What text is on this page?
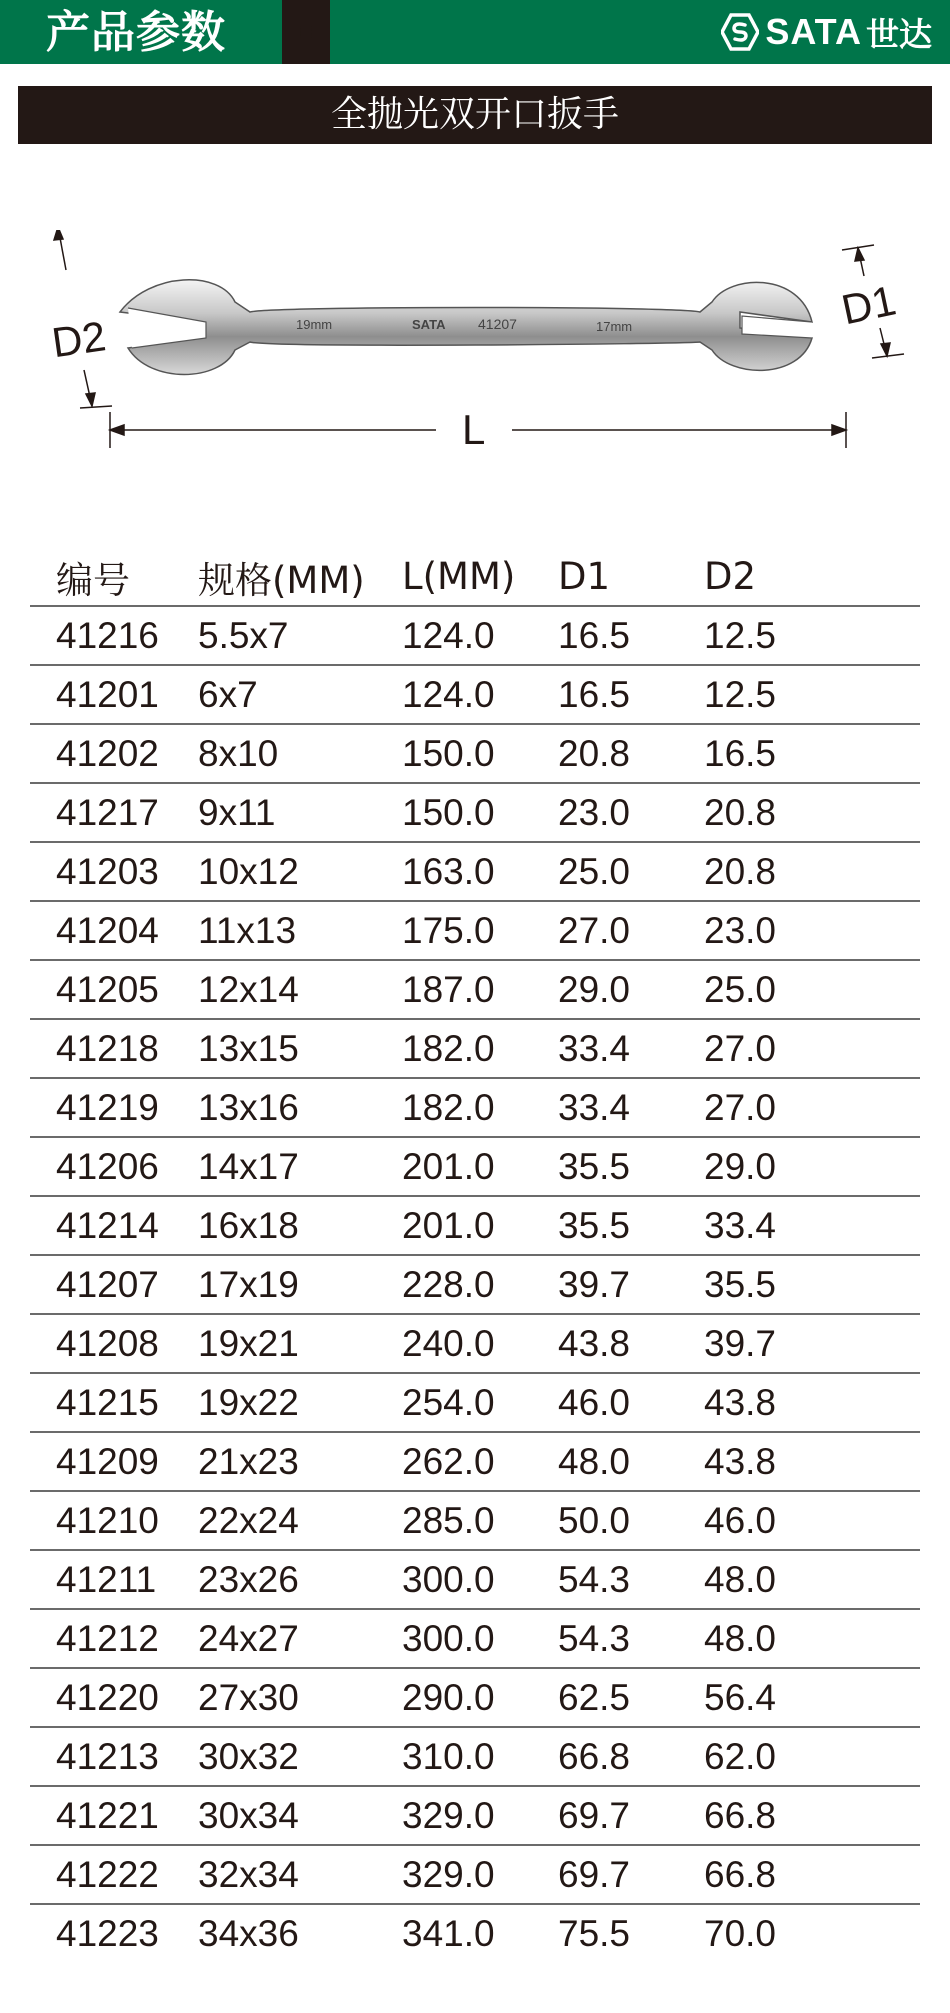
产品参数	SATA 世达
全抛光双开口扳手
19mm	SATA 41207	17mm
D2
D1
L
编号	规格(MM)	L(MM)	D1	D2
41216	5.5x7	124.0	16.5	12.5
41201	6x7	124.0	16.5	12.5
41202	8x10	150.0	20.8	16.5
41217	9x11	150.0	23.0	20.8
41203	10x12	163.0	25.0	20.8
41204	11x13	175.0	27.0	23.0
41205	12x14	187.0	29.0	25.0
41218	13x15	182.0	33.4	27.0
41219	13x16	182.0	33.4	27.0
41206	14x17	201.0	35.5	29.0
41214	16x18	201.0	35.5	33.4
41207	17x19	228.0	39.7	35.5
41208	19x21	240.0	43.8	39.7
41215	19x22	254.0	46.0	43.8
41209	21x23	262.0	48.0	43.8
41210	22x24	285.0	50.0	46.0
41211	23x26	300.0	54.3	48.0
41212	24x27	300.0	54.3	48.0
41220	27x30	290.0	62.5	56.4
41213	30x32	310.0	66.8	62.0
41221	30x34	329.0	69.7	66.8
41222	32x34	329.0	69.7	66.8
41223	34x36	341.0	75.5	70.0
